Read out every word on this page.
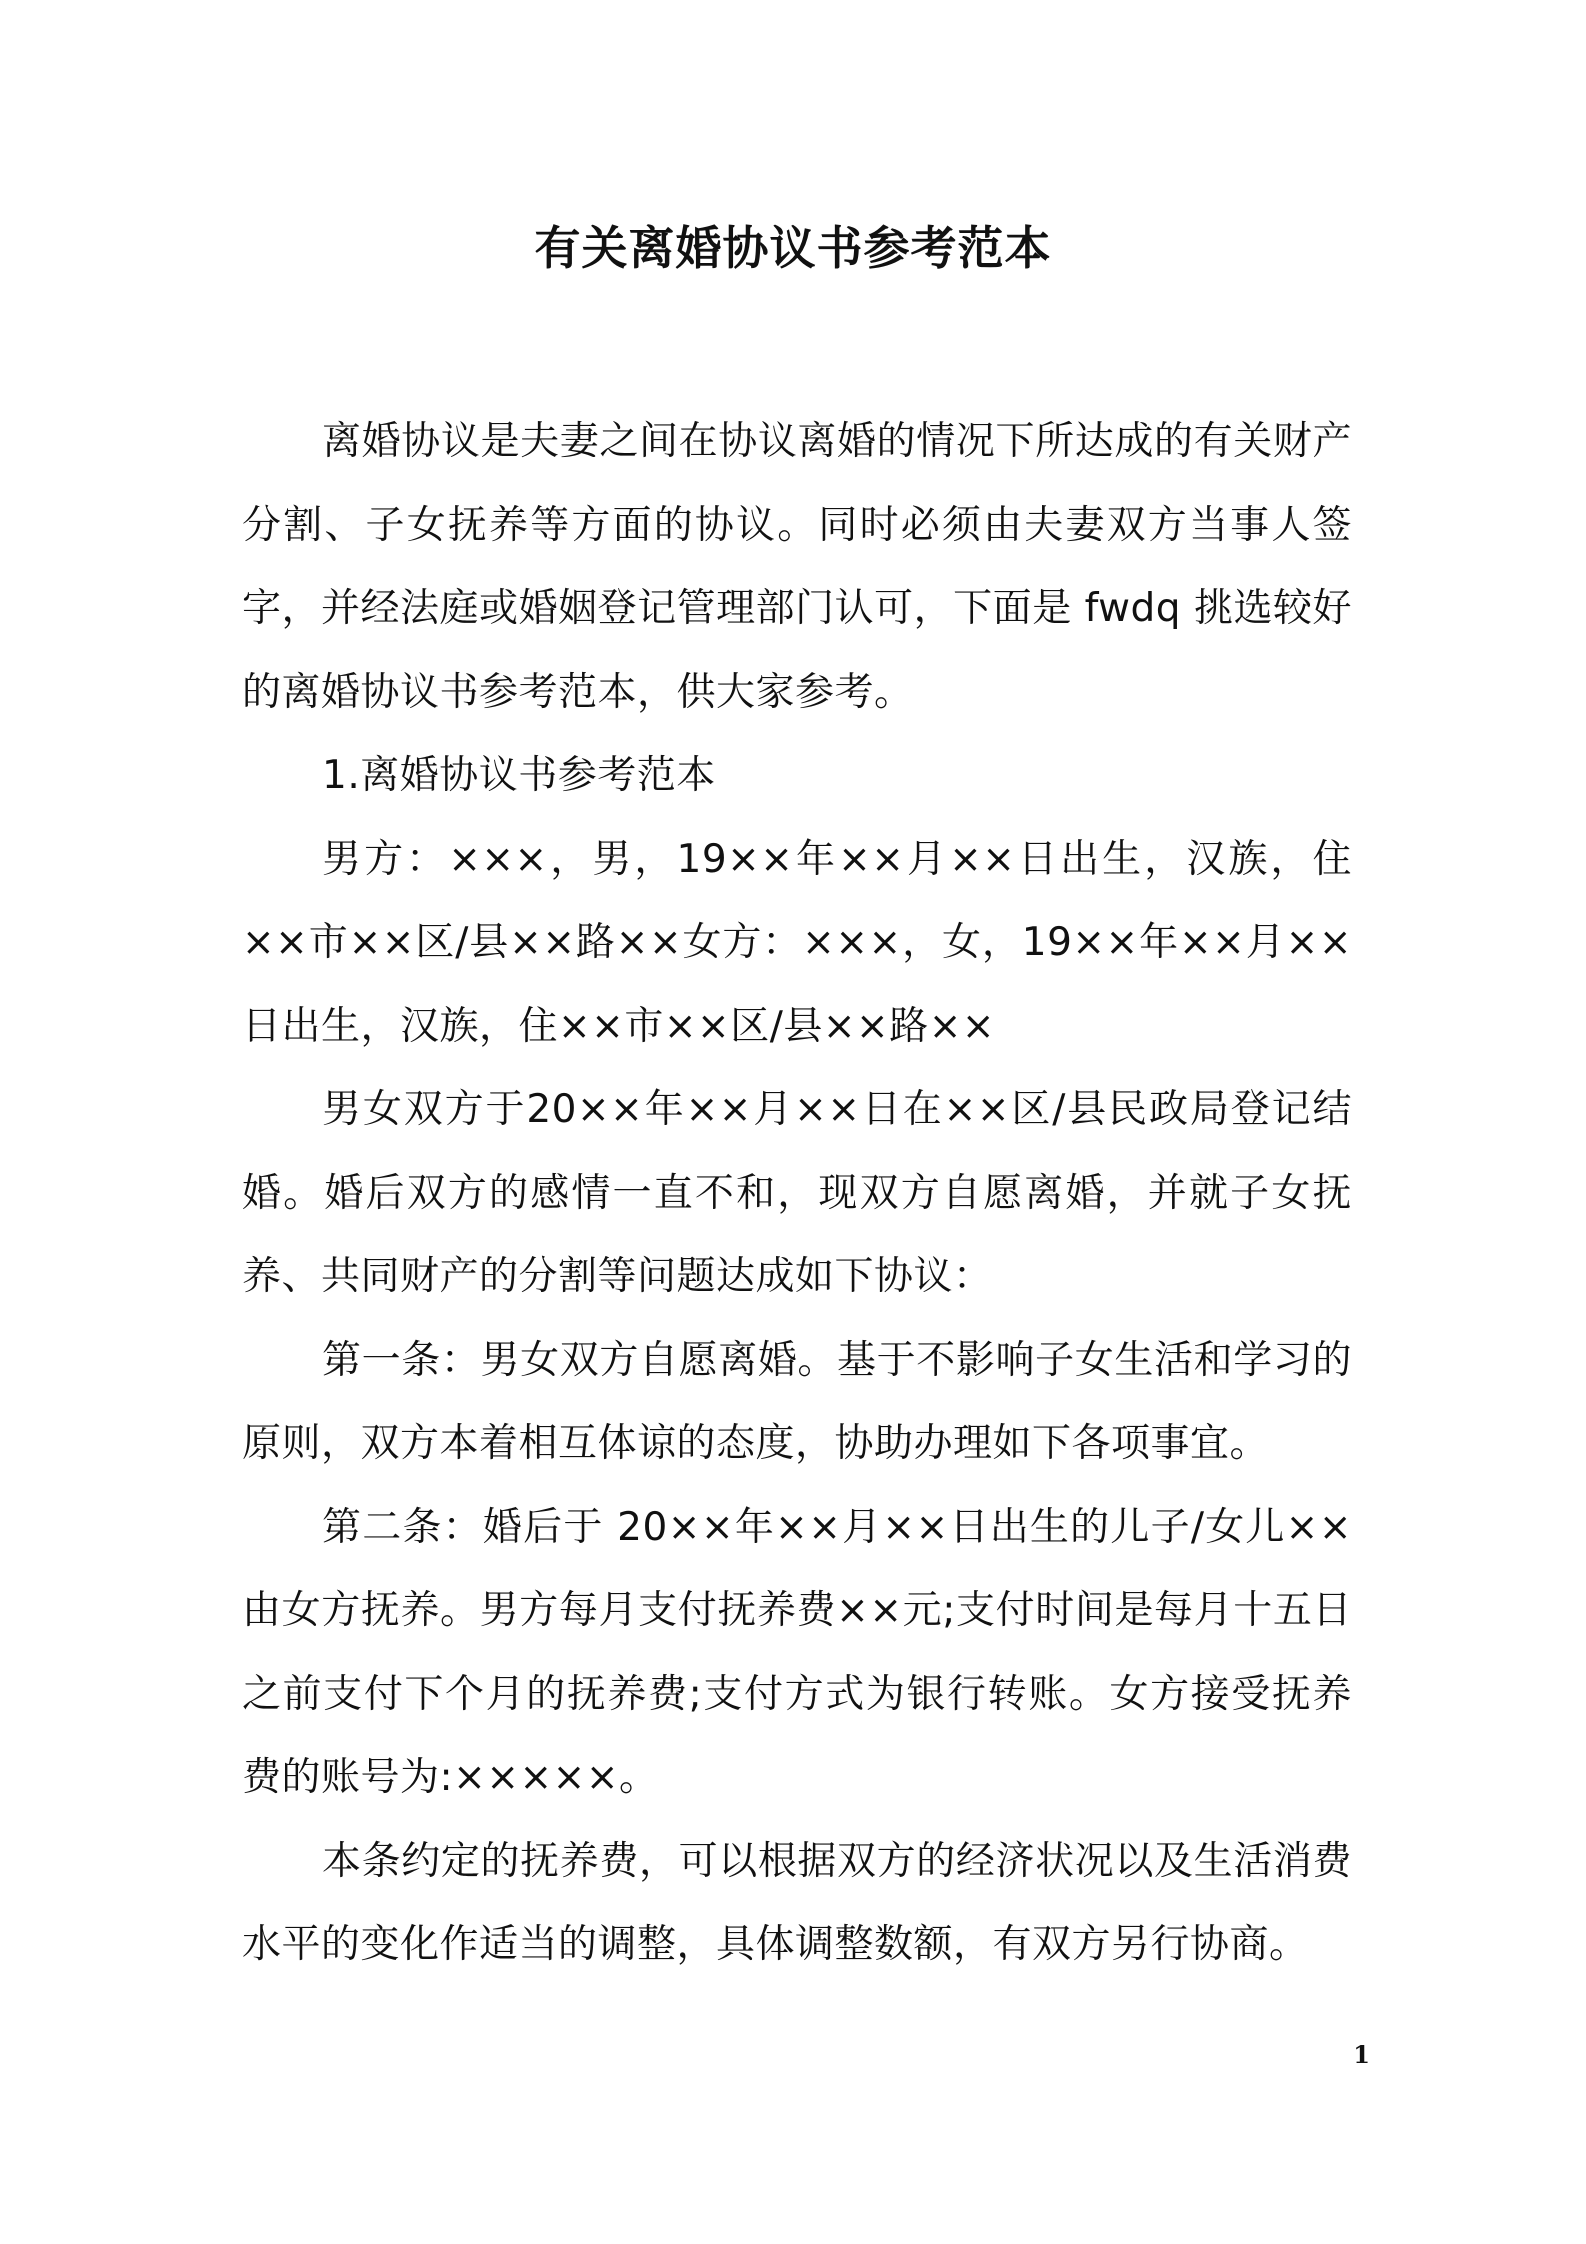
有关离婚协议书参考范本

离婚协议是夫妻之间在协议离婚的情况下所达成的有关财产分割、子女抚养等方面的协议。同时必须由夫妻双方当事人签字，并经法庭或婚姻登记管理部门认可，下面是 fwdq 挑选较好的离婚协议书参考范本，供大家参考。

1.离婚协议书参考范本

男方：×××，男，19××年××月××日出生，汉族，住××市××区/县××路××女方：×××，女，19××年××月××日出生，汉族，住××市××区/县××路××

男女双方于20××年××月××日在××区/县民政局登记结婚。婚后双方的感情一直不和，现双方自愿离婚，并就子女抚养、共同财产的分割等问题达成如下协议：

第一条：男女双方自愿离婚。基于不影响子女生活和学习的原则，双方本着相互体谅的态度，协助办理如下各项事宜。

第二条：婚后于 20××年××月××日出生的儿子/女儿××由女方抚养。男方每月支付抚养费××元;支付时间是每月十五日之前支付下个月的抚养费;支付方式为银行转账。女方接受抚养费的账号为:×××××。

本条约定的抚养费，可以根据双方的经济状况以及生活消费水平的变化作适当的调整，具体调整数额，有双方另行协商。

1
